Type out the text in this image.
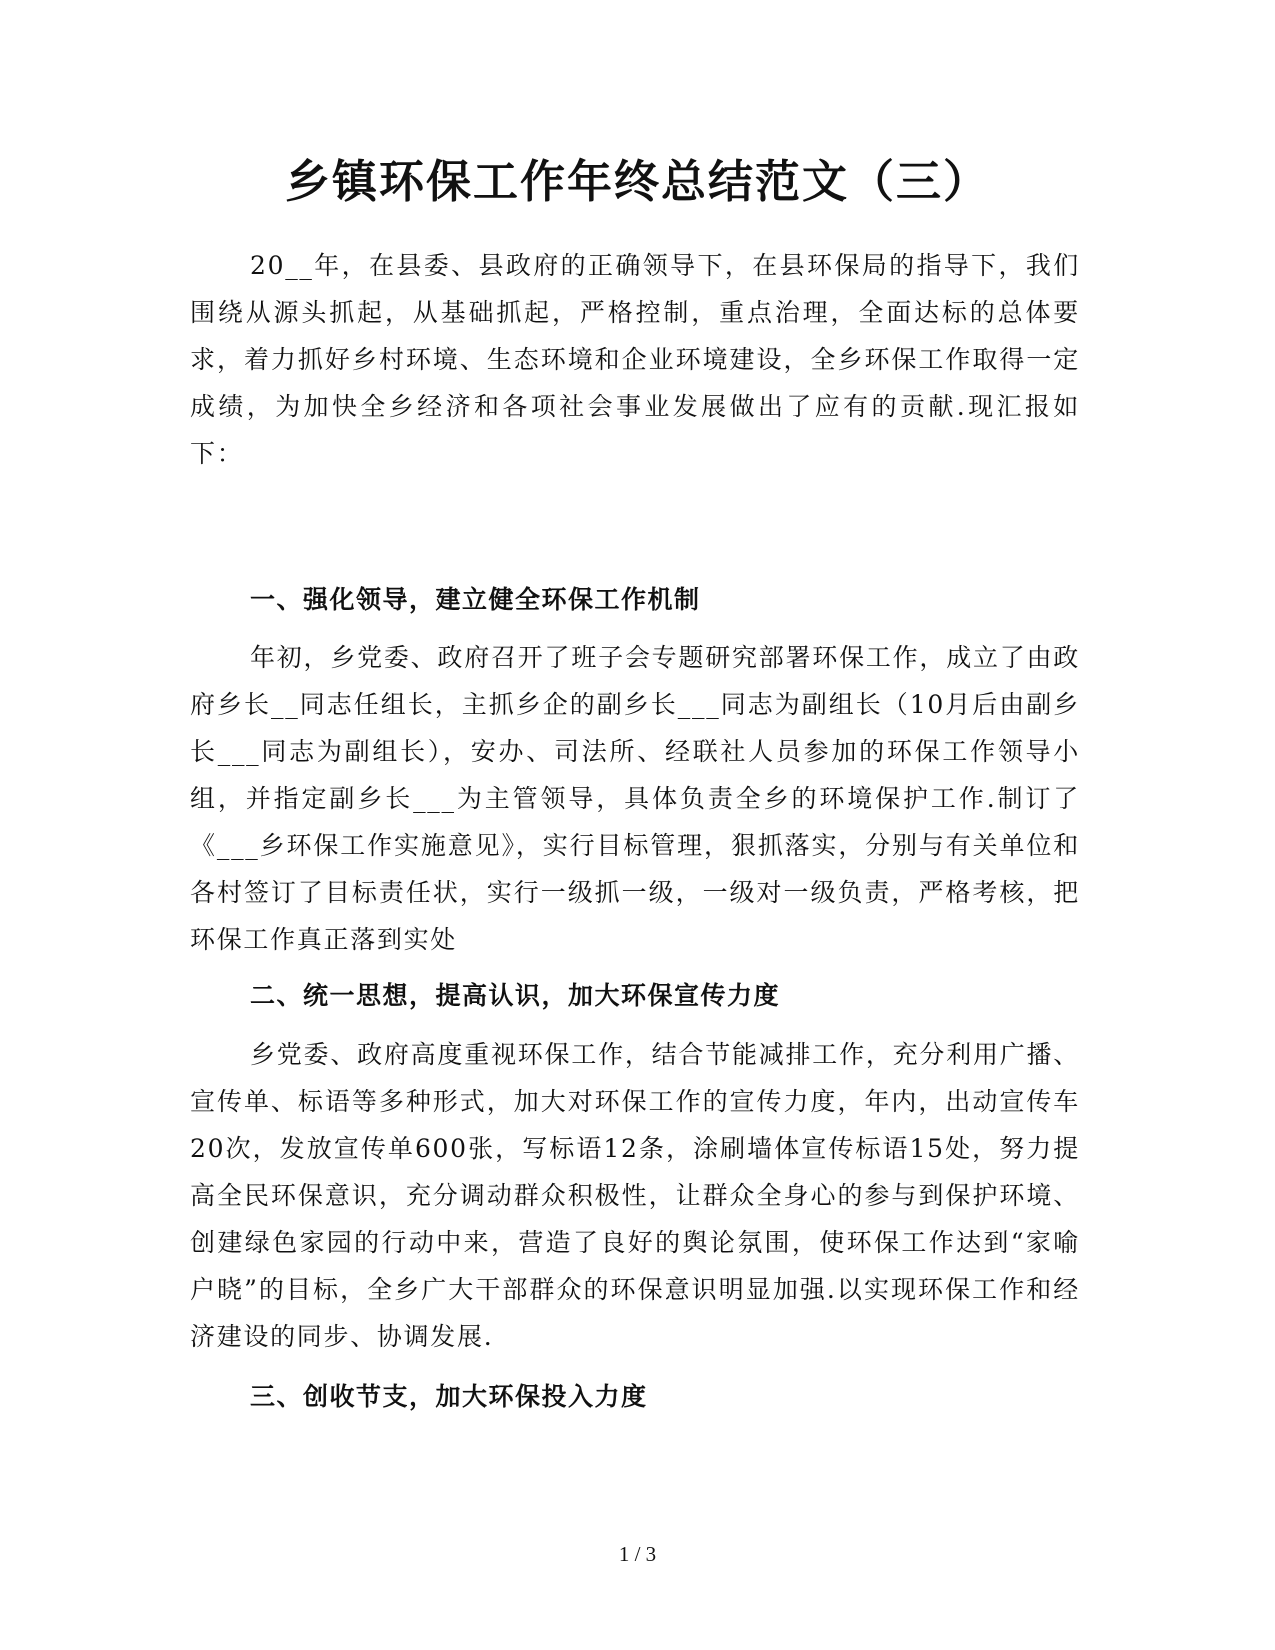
乡镇环保工作年终总结范文（三）

20__年，在县委、县政府的正确领导下，在县环保局的指导下，我们围绕从源头抓起，从基础抓起，严格控制，重点治理，全面达标的总体要求，着力抓好乡村环境、生态环境和企业环境建设，全乡环保工作取得一定成绩，为加快全乡经济和各项社会事业发展做出了应有的贡献.现汇报如下：

一、强化领导，建立健全环保工作机制

年初，乡党委、政府召开了班子会专题研究部署环保工作，成立了由政府乡长__同志任组长，主抓乡企的副乡长___同志为副组长（10月后由副乡长___同志为副组长），安办、司法所、经联社人员参加的环保工作领导小组，并指定副乡长___为主管领导，具体负责全乡的环境保护工作.制订了《___乡环保工作实施意见》，实行目标管理，狠抓落实，分别与有关单位和各村签订了目标责任状，实行一级抓一级，一级对一级负责，严格考核，把环保工作真正落到实处

二、统一思想，提高认识，加大环保宣传力度

乡党委、政府高度重视环保工作，结合节能减排工作，充分利用广播、宣传单、标语等多种形式，加大对环保工作的宣传力度，年内，出动宣传车20次，发放宣传单600张，写标语12条，涂刷墙体宣传标语15处，努力提高全民环保意识，充分调动群众积极性，让群众全身心的参与到保护环境、创建绿色家园的行动中来，营造了良好的舆论氛围，使环保工作达到“家喻户晓”的目标，全乡广大干部群众的环保意识明显加强.以实现环保工作和经济建设的同步、协调发展.

三、创收节支，加大环保投入力度
1 / 3
